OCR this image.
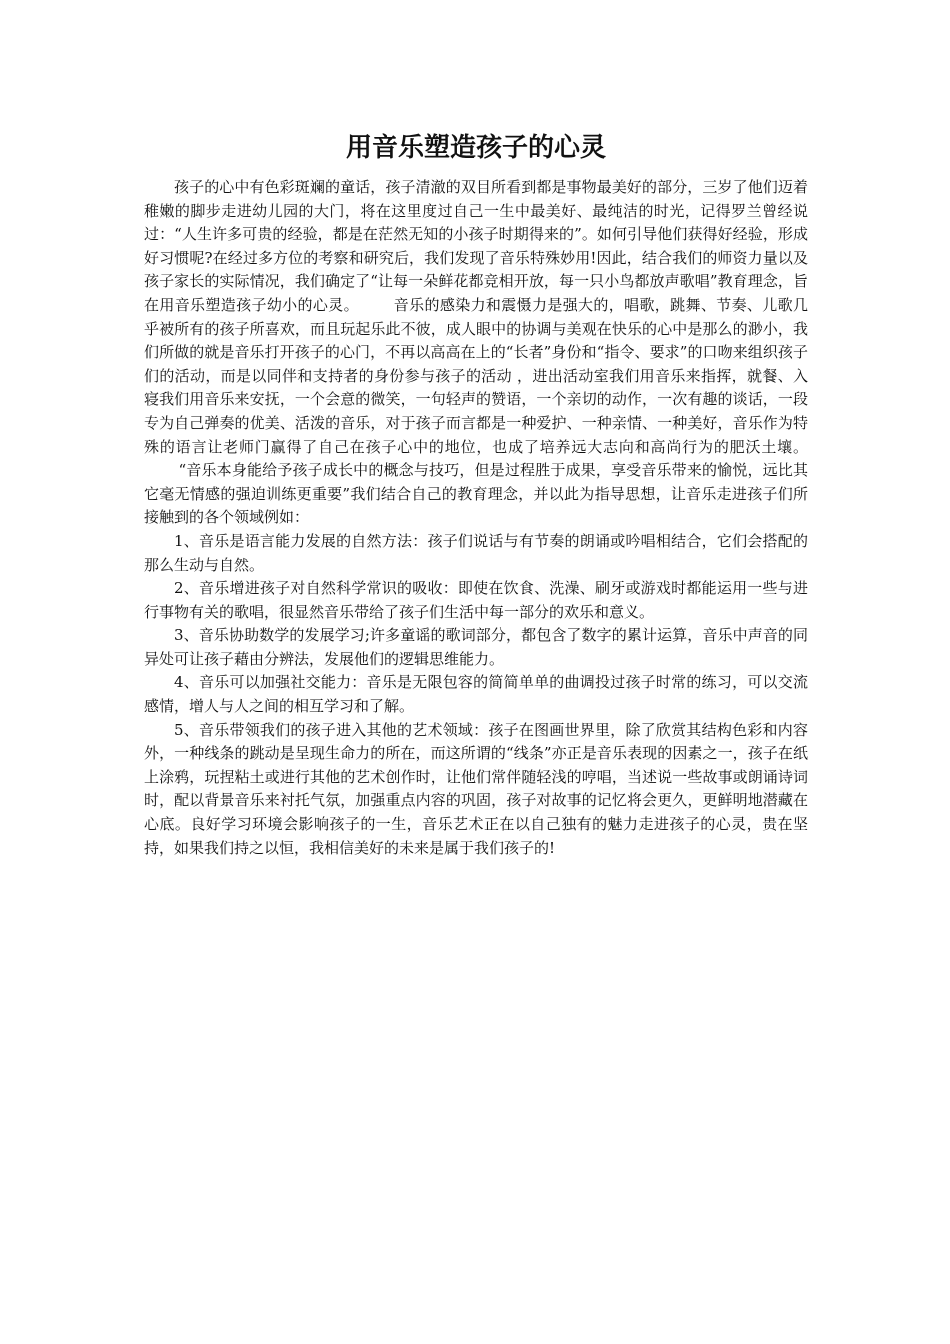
用音乐塑造孩子的心灵

孩子的心中有色彩斑斓的童话，孩子清澈的双目所看到都是事物最美好的部分，三岁了他们迈着稚嫩的脚步走进幼儿园的大门，将在这里度过自己一生中最美好、最纯洁的时光，记得罗兰曾经说过：“人生许多可贵的经验，都是在茫然无知的小孩子时期得来的”。如何引导他们获得好经验，形成好习惯呢?在经过多方位的考察和研究后，我们发现了音乐特殊妙用!因此，结合我们的师资力量以及孩子家长的实际情况，我们确定了“让每一朵鲜花都竞相开放，每一只小鸟都放声歌唱”教育理念，旨在用音乐塑造孩子幼小的心灵。 音乐的感染力和震慑力是强大的，唱歌，跳舞、节奏、儿歌几乎被所有的孩子所喜欢，而且玩起乐此不彼，成人眼中的协调与美观在快乐的心中是那么的渺小，我们所做的就是音乐打开孩子的心门，不再以高高在上的“长者”身份和“指令、要求”的口吻来组织孩子们的活动，而是以同伴和支持者的身份参与孩子的活动 ，进出活动室我们用音乐来指挥，就餐、入寝我们用音乐来安抚，一个会意的微笑，一句轻声的赞语，一个亲切的动作，一次有趣的谈话，一段专为自己弹奏的优美、活泼的音乐，对于孩子而言都是一种爱护、一种亲情、一种美好，音乐作为特殊的语言让老师门赢得了自己在孩子心中的地位，也成了培养远大志向和高尚行为的肥沃土壤。“音乐本身能给予孩子成长中的概念与技巧，但是过程胜于成果，享受音乐带来的愉悦，远比其它毫无情感的强迫训练更重要”我们结合自己的教育理念，并以此为指导思想，让音乐走进孩子们所接触到的各个领域例如：

1、音乐是语言能力发展的自然方法：孩子们说话与有节奏的朗诵或吟唱相结合，它们会搭配的那么生动与自然。

2、音乐增进孩子对自然科学常识的吸收：即使在饮食、洗澡、刷牙或游戏时都能运用一些与进行事物有关的歌唱，很显然音乐带给了孩子们生活中每一部分的欢乐和意义。

3、音乐协助数学的发展学习;许多童谣的歌词部分，都包含了数字的累计运算，音乐中声音的同异处可让孩子藉由分辨法，发展他们的逻辑思维能力。

4、音乐可以加强社交能力：音乐是无限包容的简简单单的曲调投过孩子时常的练习，可以交流感情，增人与人之间的相互学习和了解。

5、音乐带领我们的孩子进入其他的艺术领域：孩子在图画世界里，除了欣赏其结构色彩和内容外，一种线条的跳动是呈现生命力的所在，而这所谓的“线条”亦正是音乐表现的因素之一，孩子在纸上涂鸦，玩捏粘土或进行其他的艺术创作时，让他们常伴随轻浅的哼唱，当述说一些故事或朗诵诗词时，配以背景音乐来衬托气氛，加强重点内容的巩固，孩子对故事的记忆将会更久，更鲜明地潜藏在心底。良好学习环境会影响孩子的一生，音乐艺术正在以自己独有的魅力走进孩子的心灵，贵在坚持，如果我们持之以恒，我相信美好的未来是属于我们孩子的!
